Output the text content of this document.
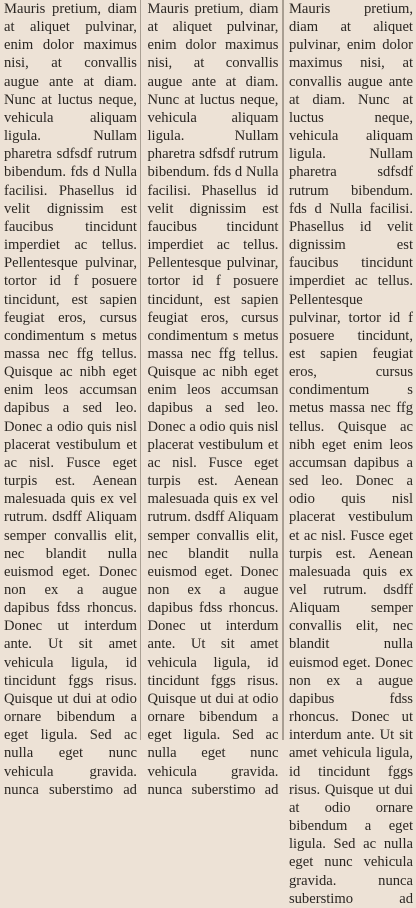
Mauris pretium, diam at aliquet pulvinar, enim dolor maximus nisi, at convallis augue ante at diam. Nunc at luctus neque, vehicula aliquam ligula. Nullam pharetra sdfsdf rutrum bibendum. fds d Nulla facilisi. Phasellus id velit dignissim est faucibus tincidunt imperdiet ac tellus. Pellentesque pulvinar, tortor id f posuere tincidunt, est sapien feugiat eros, cursus condimentum s metus massa nec ffg tellus. Quisque ac nibh eget enim leos accumsan dapibus a sed leo. Donec a odio quis nisl placerat vestibulum et ac nisl. Fusce eget turpis est. Aenean malesuada quis ex vel rutrum. dsdff Aliquam semper convallis elit, nec blandit nulla euismod eget. Donec non ex a augue dapibus fdss rhoncus. Donec ut interdum ante. Ut sit amet vehicula ligula, id tincidunt fggs risus. Quisque ut dui at odio ornare bibendum a eget ligula. Sed ac nulla eget nunc vehicula gravida. nunca suberstimo ad

Mauris pretium, diam at aliquet pulvinar, enim dolor maximus nisi, at convallis augue ante at diam. Nunc at luctus neque, vehicula aliquam ligula. Nullam pharetra sdfsdf rutrum bibendum. fds d Nulla facilisi. Phasellus id velit dignissim est faucibus tincidunt imperdiet ac tellus. Pellentesque pulvinar, tortor id f posuere tincidunt, est sapien feugiat eros, cursus condimentum s metus massa nec ffg tellus. Quisque ac nibh eget enim leos accumsan dapibus a sed leo. Donec a odio quis nisl placerat vestibulum et ac nisl. Fusce eget turpis est. Aenean malesuada quis ex vel rutrum. dsdff Aliquam semper convallis elit, nec blandit nulla euismod eget. Donec non ex a augue dapibus fdss rhoncus. Donec ut interdum ante. Ut sit amet vehicula ligula, id tincidunt fggs risus. Quisque ut dui at odio ornare bibendum a eget ligula. Sed ac nulla eget nunc vehicula gravida. nunca suberstimo ad

Mauris pretium, diam at aliquet pulvinar, enim dolor maximus nisi, at convallis augue ante at diam. Nunc at luctus neque, vehicula aliquam ligula. Nullam pharetra sdfsdf rutrum bibendum. fds d Nulla facilisi. Phasellus id velit dignissim est faucibus tincidunt imperdiet ac tellus. Pellentesque pulvinar, tortor id f posuere tincidunt, est sapien feugiat eros, cursus condimentum s metus massa nec ffg tellus. Quisque ac nibh eget enim leos accumsan dapibus a sed leo. Donec a odio quis nisl placerat vestibulum et ac nisl. Fusce eget turpis est. Aenean malesuada quis ex vel rutrum. dsdff Aliquam semper convallis elit, nec blandit nulla euismod eget. Donec non ex a augue dapibus fdss rhoncus. Donec ut interdum ante. Ut sit amet vehicula ligula, id tincidunt fggs risus. Quisque ut dui at odio ornare bibendum a eget ligula. Sed ac nulla eget nunc vehicula gravida. nunca suberstimo ad
